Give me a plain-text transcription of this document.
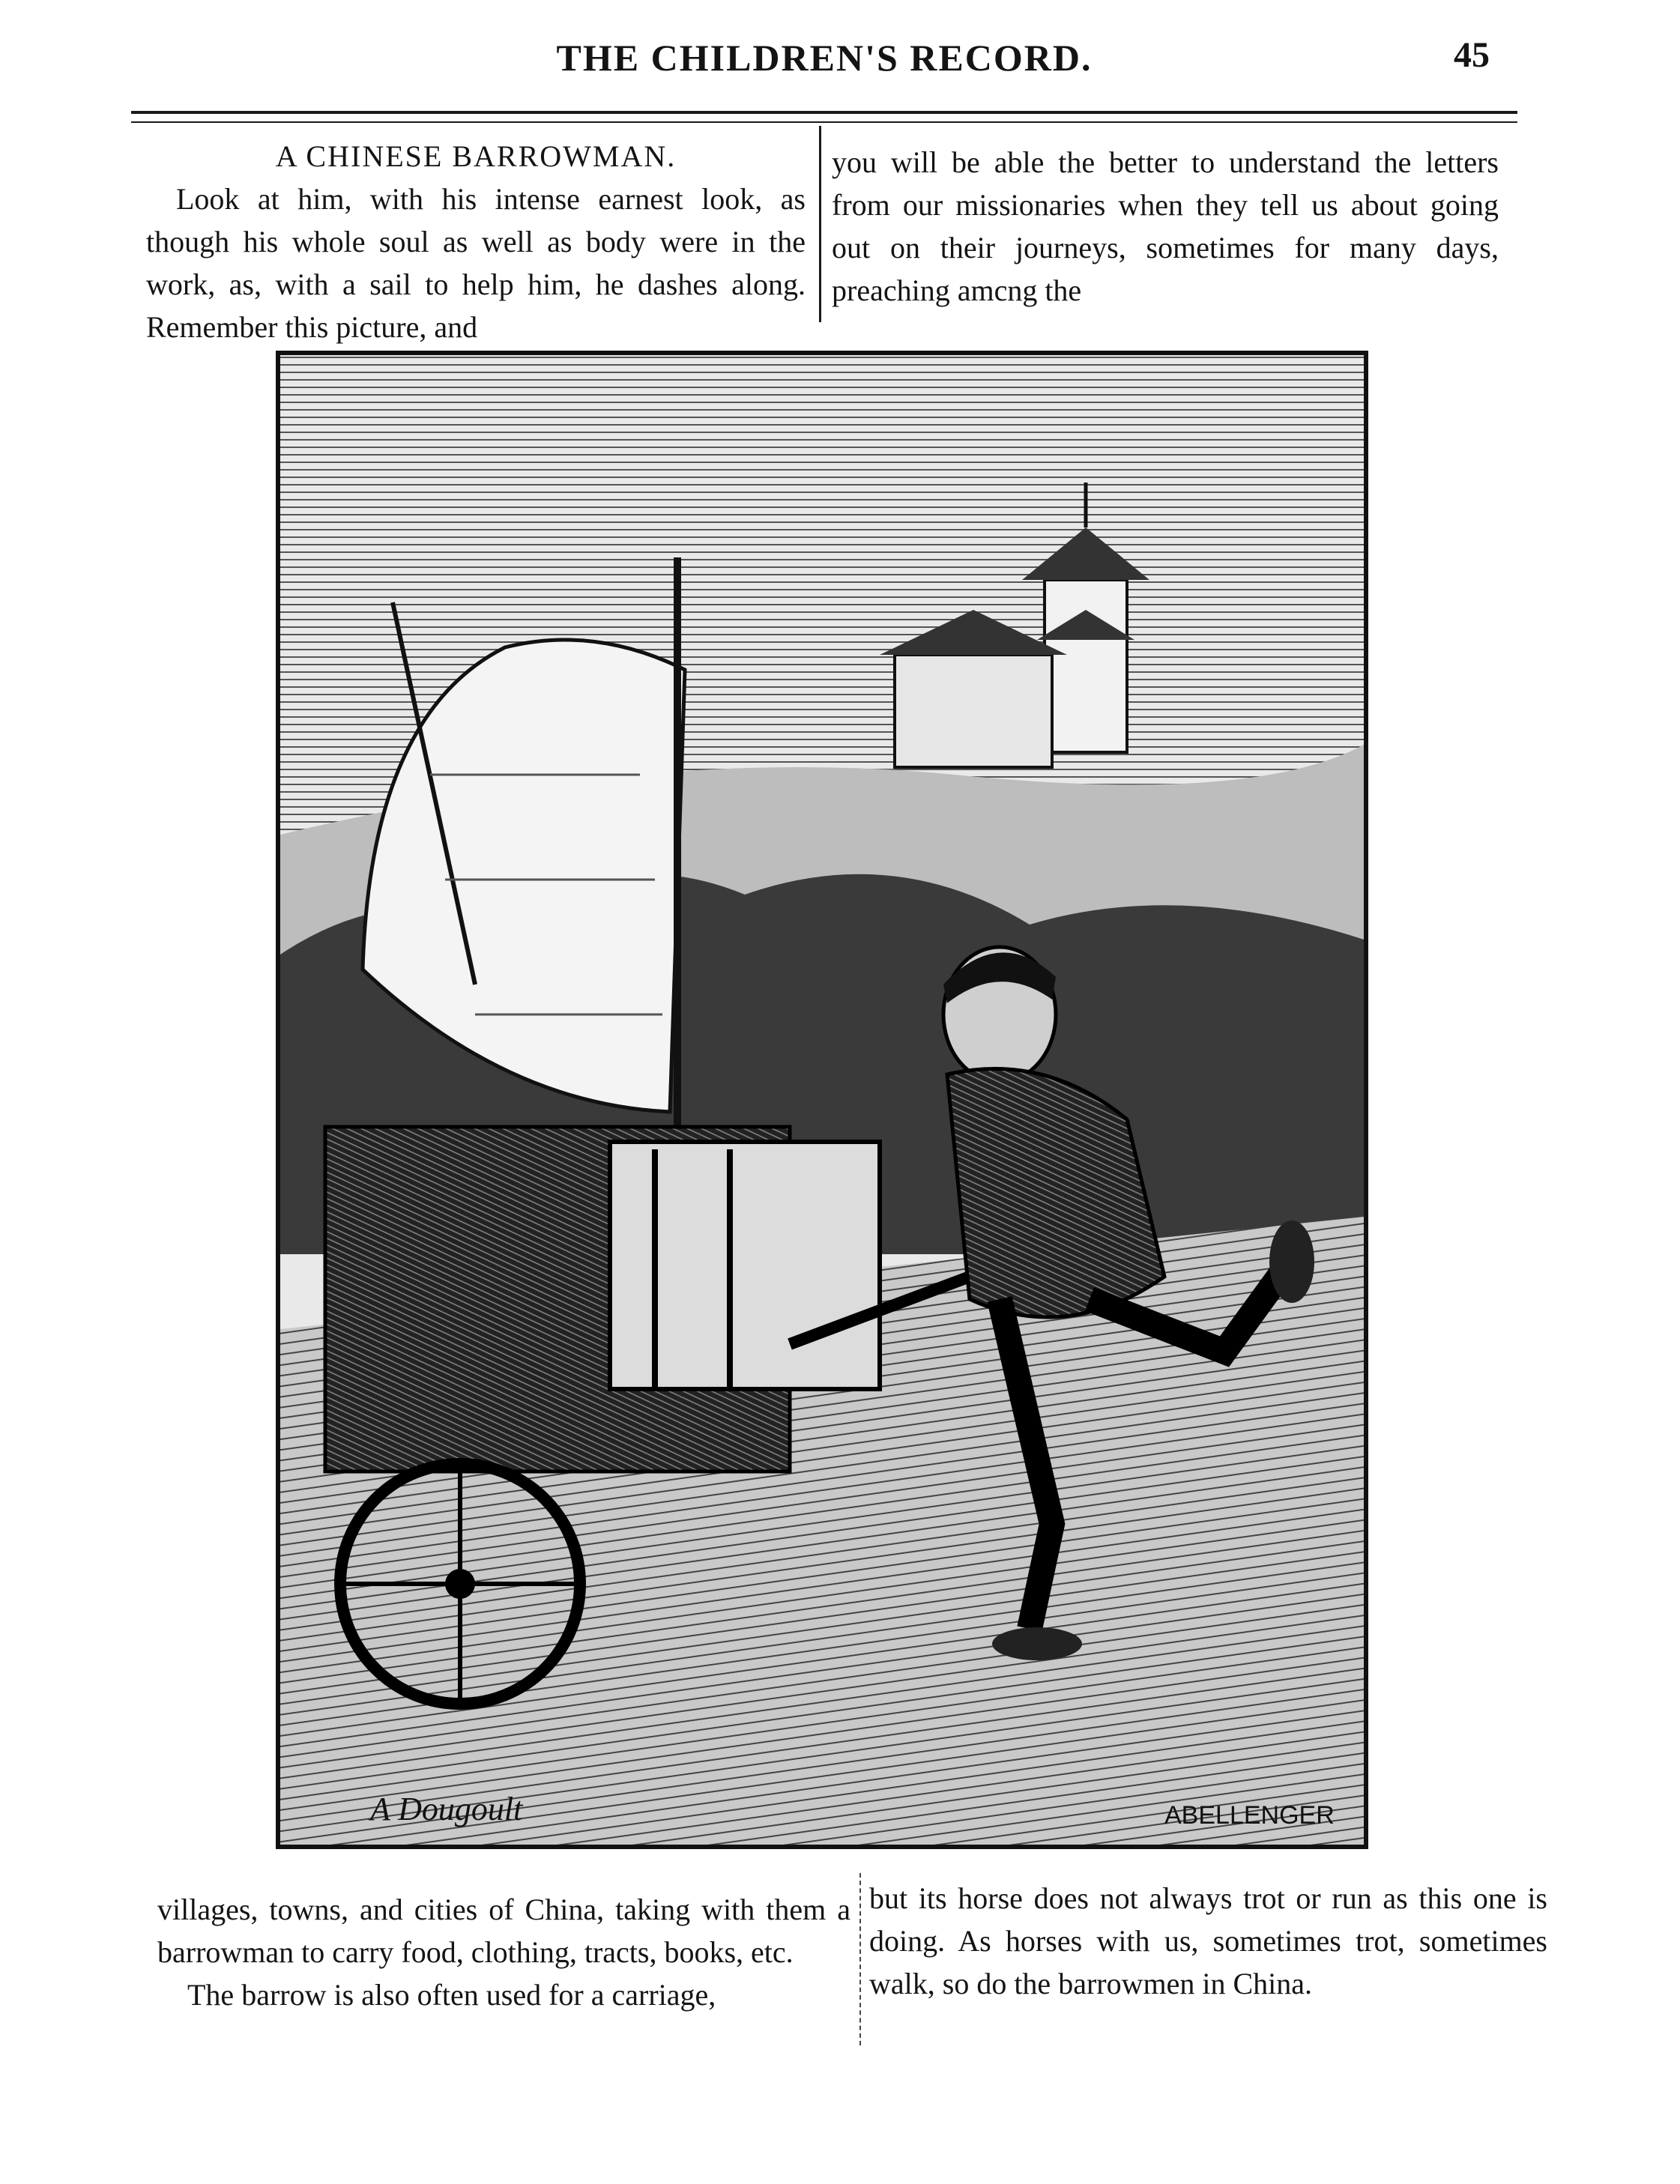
THE CHILDREN'S RECORD.	45

A CHINESE BARROWMAN.

Look at him, with his intense earnest look, as though his whole soul as well as body were in the work, as, with a sail to help him, he dashes along. Remember this picture, and

you will be able the better to understand the letters from our missionaries when they tell us about going out on their journeys, sometimes for many days, preaching amcng the

A Dougoult	ABELLENGER

villages, towns, and cities of China, taking with them a barrowman to carry food, clothing, tracts, books, etc.

The barrow is also often used for a carriage,

but its horse does not always trot or run as this one is doing. As horses with us, sometimes trot, sometimes walk, so do the barrowmen in China.
